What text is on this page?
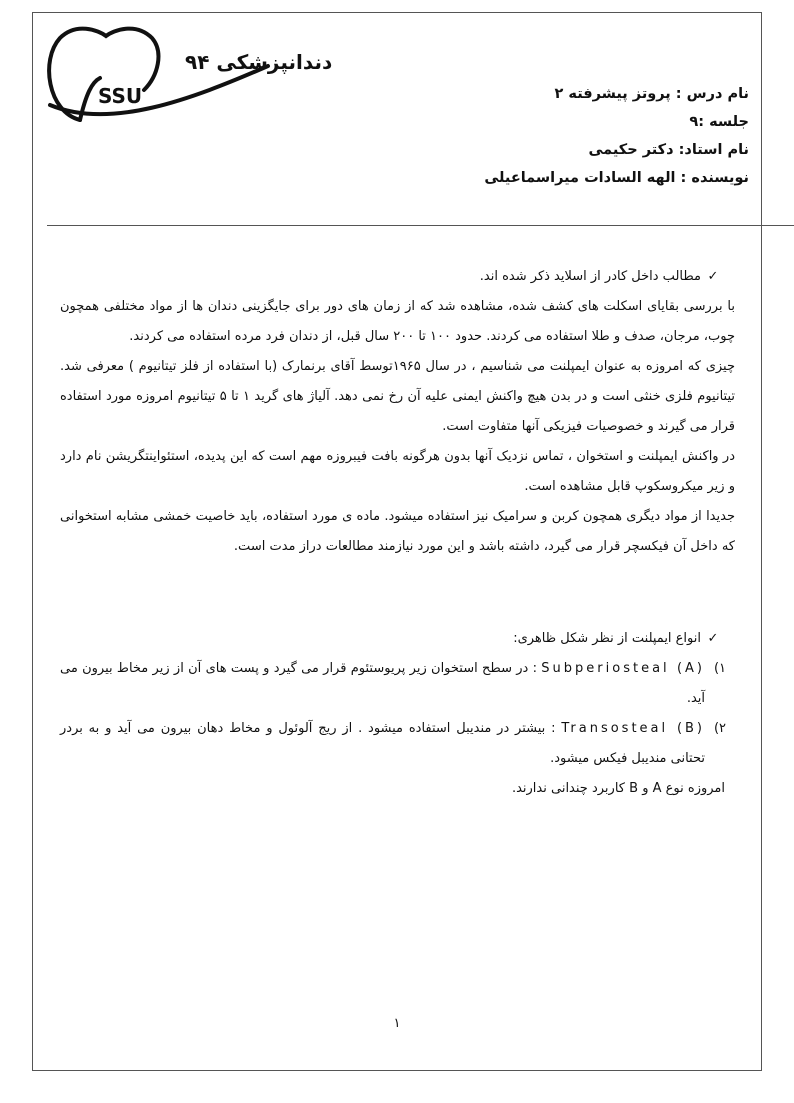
دندانپزشکی ۹۴
SSU	نام درس : پروتز پیشرفته ۲
جلسه :۹
نام استاد: دکتر حکیمی
نویسنده : الهه السادات میراسماعیلی

✓مطالب داخل کادر از اسلاید ذکر شده اند.

با بررسی بقایای اسکلت های کشف شده، مشاهده شد که از زمان های دور برای جایگزینی دندان ها از مواد مختلفی همچون چوب، مرجان، صدف و طلا استفاده می کردند. حدود ۱۰۰ تا ۲۰۰ سال قبل، از دندان فرد مرده استفاده می کردند.

چیزی که امروزه به عنوان ایمپلنت می شناسیم ، در سال ۱۹۶۵توسط آقای برنمارک (با استفاده از فلز تیتانیوم ) معرفی شد. تیتانیوم فلزی خنثی است و در بدن هیچ واکنش ایمنی علیه آن رخ نمی دهد. آلیاژ های گرید ۱ تا ۵ تیتانیوم امروزه مورد استفاده قرار می گیرند و خصوصیات فیزیکی آنها متفاوت است.

در واکنش ایمپلنت و استخوان ، تماس نزدیک آنها بدون هرگونه بافت فیبروزه مهم است که این پدیده، استئواینتگریشن نام دارد و زیر میکروسکوپ قابل مشاهده است.

جدیدا از مواد دیگری همچون کربن و سرامیک نیز استفاده میشود. ماده ی مورد استفاده، باید خاصیت خمشی مشابه استخوانی که داخل آن فیکسچر قرار می گیرد، داشته باشد و این مورد نیازمند مطالعات دراز مدت است.

✓انواع ایمپلنت از نظر شکل ظاهری:

۱)
Subperiosteal (A) : در سطح استخوان زیر پریوستئوم قرار می گیرد و پست های آن از زیر مخاط بیرون می آید.
۲)
Transosteal (B) : بیشتر در مندیبل استفاده میشود . از ریج آلوئول و مخاط دهان بیرون می آید و به بردر تحتانی مندیبل فیکس میشود.

امروزه نوع A و B کاربرد چندانی ندارند.

۱
